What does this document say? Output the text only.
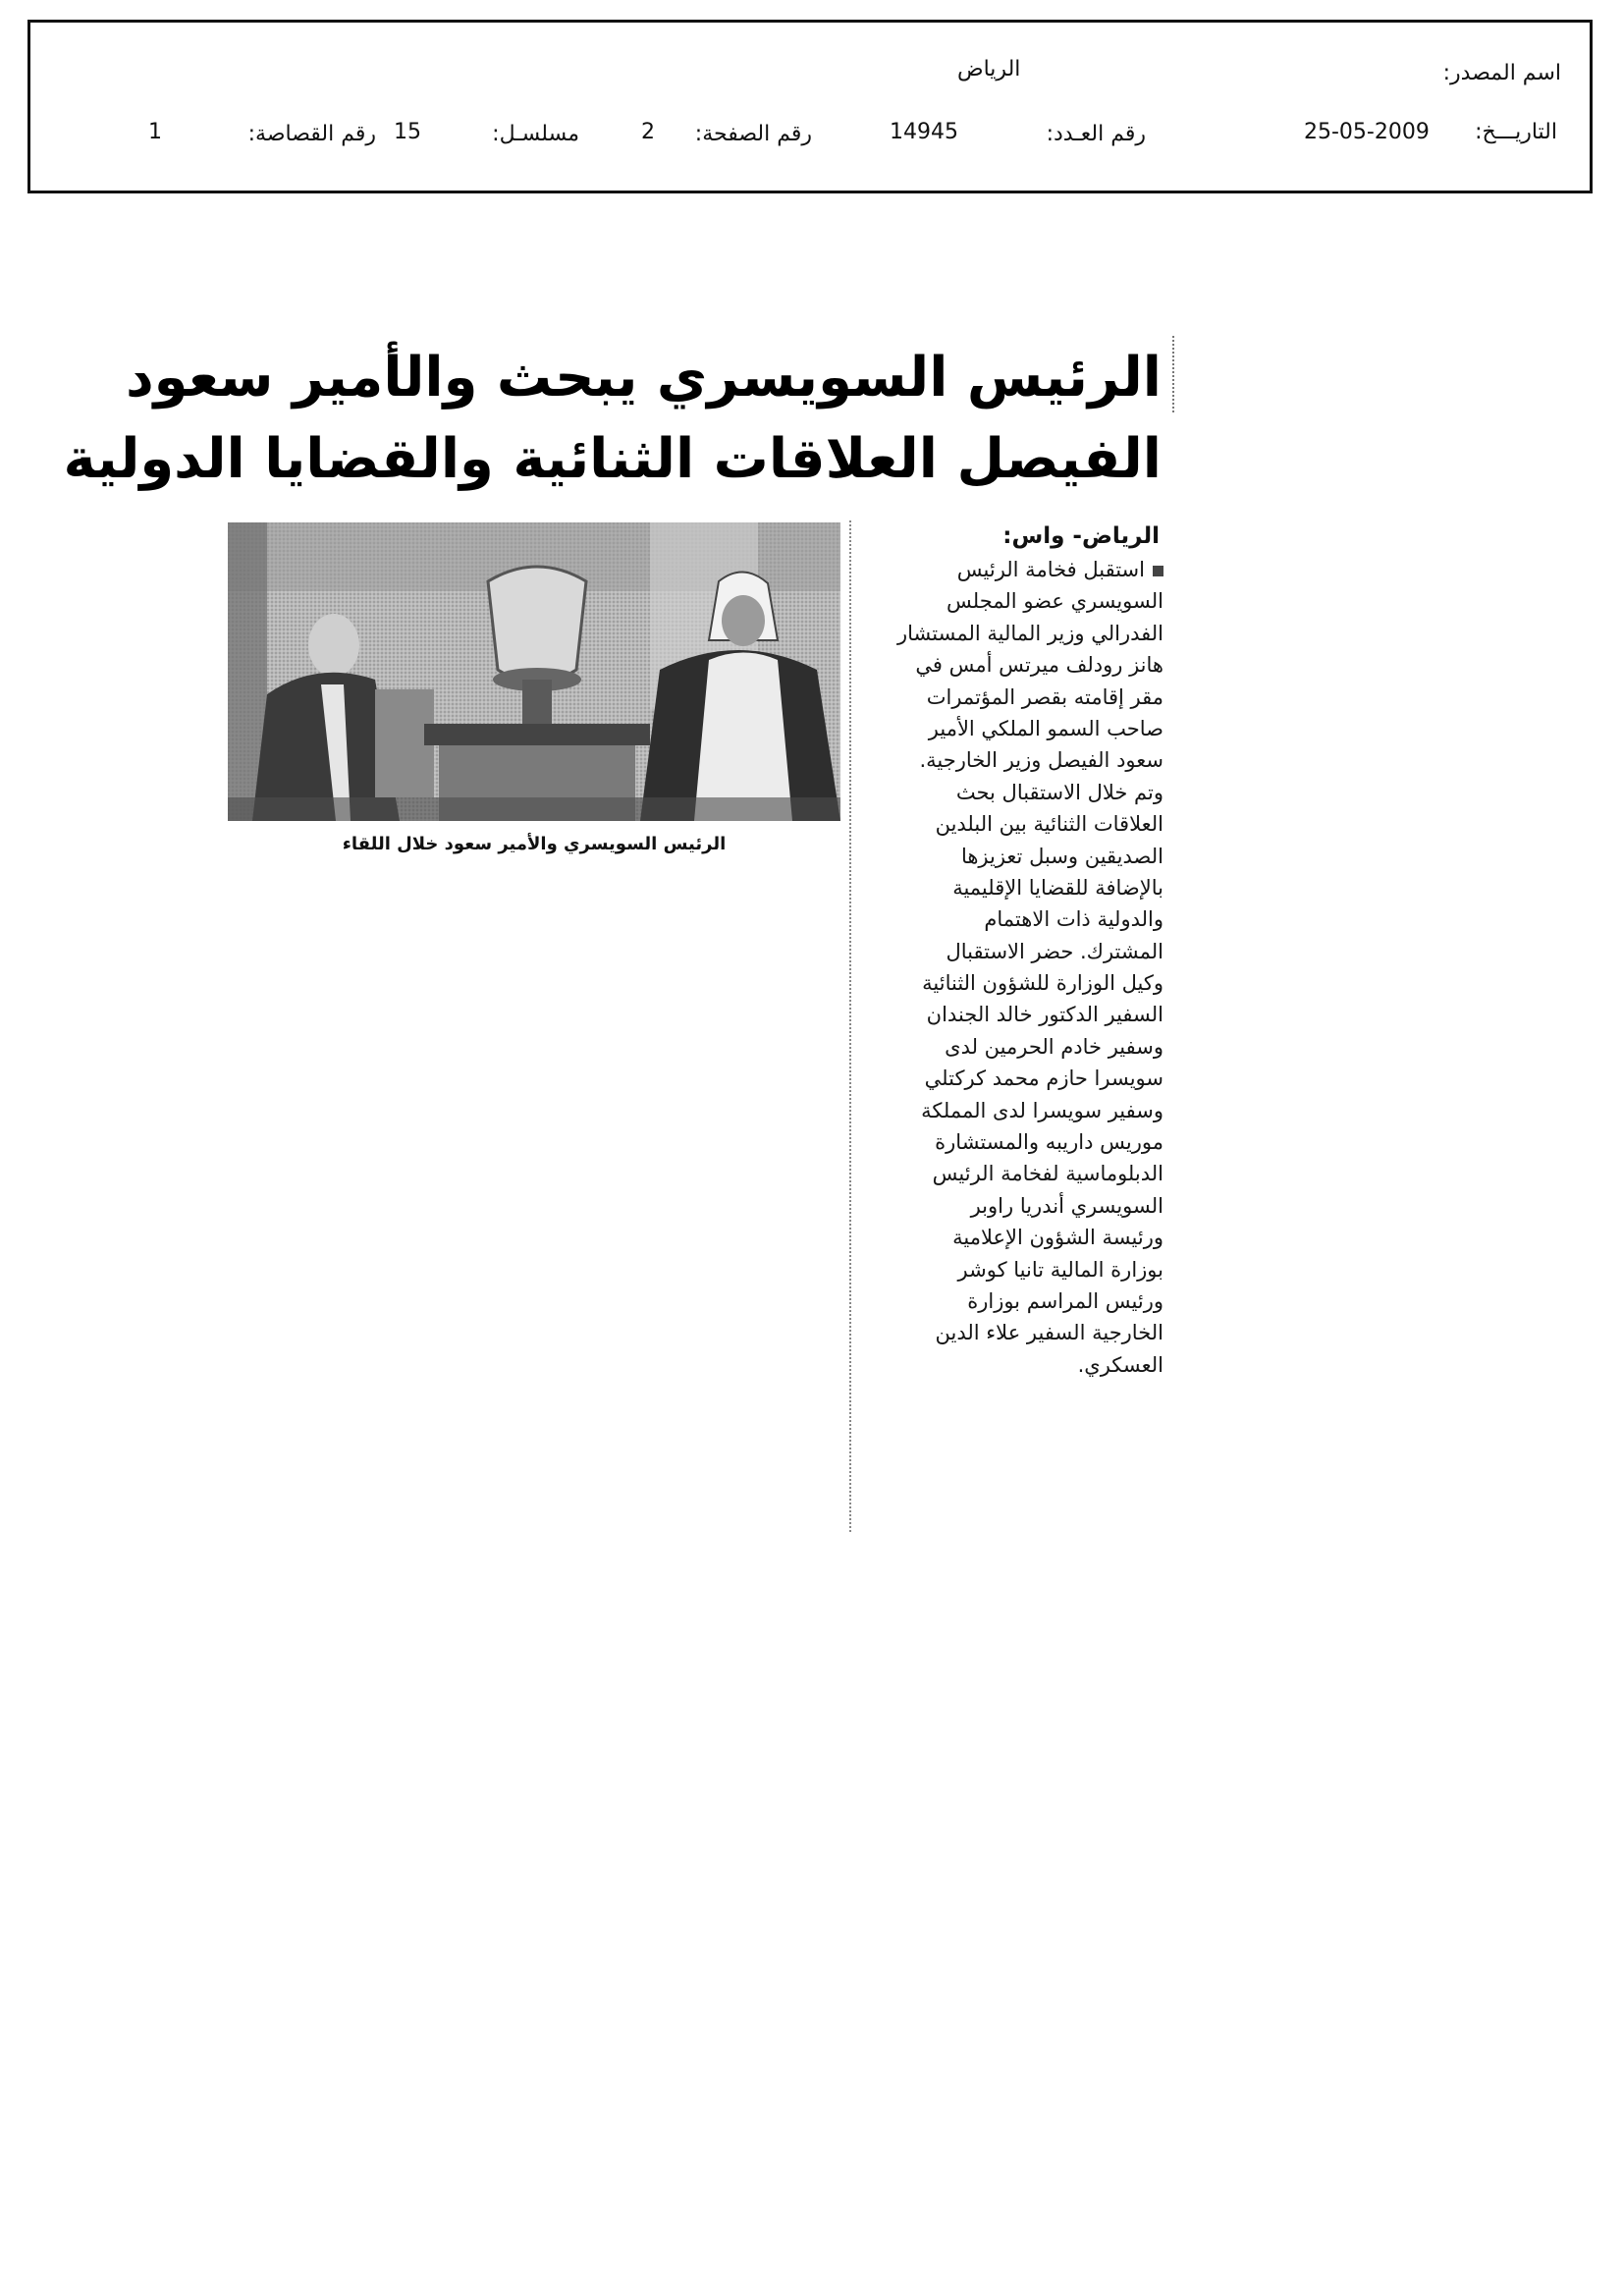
اسم المصدر:
الرياض
التاريـــخ:
25-05-2009
رقم العـدد:
14945
رقم الصفحة:
2
مسلسـل:
15
رقم القصاصة:
1
الرئيس السويسري يبحث والأمير سعود
الفيصل العلاقات الثنائية والقضايا الدولية
الرئيس السويسري والأمير سعود خلال اللقاء
الرياض- واس:
استقبل فخامة الرئيس
السويسري عضو المجلس
الفدرالي وزير المالية المستشار
هانز رودلف ميرتس أمس في
مقر إقامته بقصر المؤتمرات
صاحب السمو الملكي الأمير
سعود الفيصل وزير الخارجية.
وتم خلال الاستقبال بحث
العلاقات الثنائية بين البلدين
الصديقين وسبل تعزيزها
بالإضافة للقضايا الإقليمية
والدولية ذات الاهتمام
المشترك. حضر الاستقبال
وكيل الوزارة للشؤون الثنائية
السفير الدكتور خالد الجندان
وسفير خادم الحرمين لدى
سويسرا حازم محمد كركتلي
وسفير سويسرا لدى المملكة
موريس داريبه والمستشارة
الدبلوماسية لفخامة الرئيس
السويسري أندريا راوبر
ورئيسة الشؤون الإعلامية
بوزارة المالية تانيا كوشر
ورئيس المراسم بوزارة
الخارجية السفير علاء الدين
العسكري.
